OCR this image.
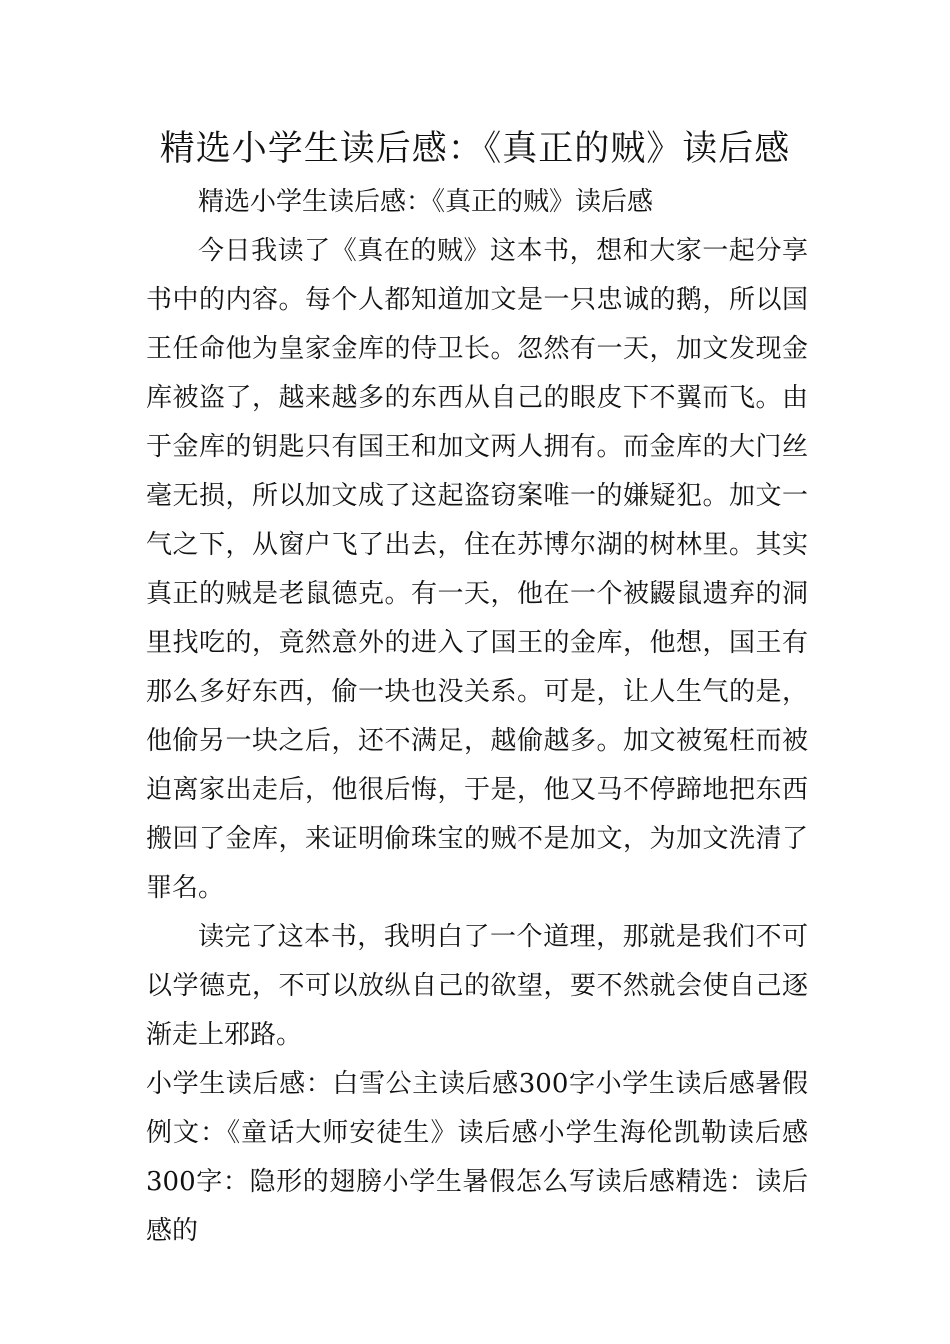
精选小学生读后感：《真正的贼》读后感

精选小学生读后感：《真正的贼》读后感

今日我读了《真在的贼》这本书，想和大家一起分享书中的内容。每个人都知道加文是一只忠诚的鹅，所以国王任命他为皇家金库的侍卫长。忽然有一天，加文发现金库被盗了，越来越多的东西从自己的眼皮下不翼而飞。由于金库的钥匙只有国王和加文两人拥有。而金库的大门丝毫无损，所以加文成了这起盗窃案唯一的嫌疑犯。加文一气之下，从窗户飞了出去，住在苏博尔湖的树林里。其实真正的贼是老鼠德克。有一天，他在一个被鼹鼠遗弃的洞里找吃的，竟然意外的进入了国王的金库，他想，国王有那么多好东西，偷一块也没关系。可是，让人生气的是，他偷另一块之后，还不满足，越偷越多。加文被冤枉而被迫离家出走后，他很后悔，于是，他又马不停蹄地把东西搬回了金库，来证明偷珠宝的贼不是加文，为加文洗清了罪名。

读完了这本书，我明白了一个道理，那就是我们不可以学德克，不可以放纵自己的欲望，要不然就会使自己逐渐走上邪路。

小学生读后感：白雪公主读后感300字小学生读后感暑假例文：《童话大师安徒生》读后感小学生海伦凯勒读后感300字：隐形的翅膀小学生暑假怎么写读后感精选：读后感的
